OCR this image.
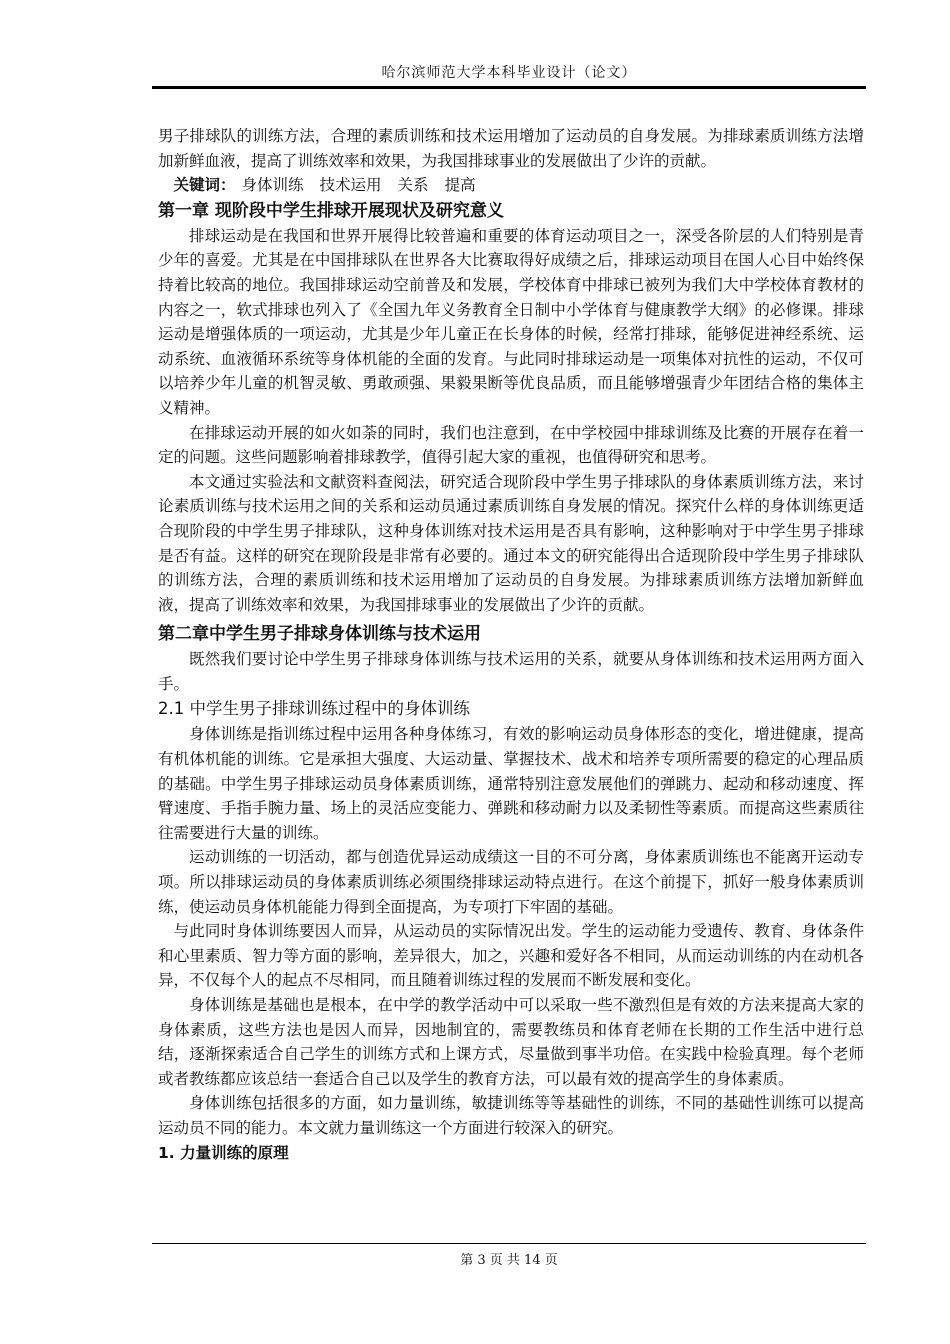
哈尔滨师范大学本科毕业设计（论文）

男子排球队的训练方法，合理的素质训练和技术运用增加了运动员的自身发展。为排球素质训练方法增加新鲜血液，提高了训练效率和效果，为我国排球事业的发展做出了少许的贡献。

关键词： 身体训练 技术运用 关系 提高

第一章 现阶段中学生排球开展现状及研究意义

排球运动是在我国和世界开展得比较普遍和重要的体育运动项目之一，深受各阶层的人们特别是青少年的喜爱。尤其是在中国排球队在世界各大比赛取得好成绩之后，排球运动项目在国人心目中始终保持着比较高的地位。我国排球运动空前普及和发展，学校体育中排球已被列为我们大中学校体育教材的内容之一，软式排球也列入了《全国九年义务教育全日制中小学体育与健康教学大纲》的必修课。排球运动是增强体质的一项运动，尤其是少年儿童正在长身体的时候，经常打排球，能够促进神经系统、运动系统、血液循环系统等身体机能的全面的发育。与此同时排球运动是一项集体对抗性的运动，不仅可以培养少年儿童的机智灵敏、勇敢顽强、果毅果断等优良品质，而且能够增强青少年团结合格的集体主义精神。

在排球运动开展的如火如荼的同时，我们也注意到，在中学校园中排球训练及比赛的开展存在着一定的问题。这些问题影响着排球教学，值得引起大家的重视，也值得研究和思考。

本文通过实验法和文献资料查阅法，研究适合现阶段中学生男子排球队的身体素质训练方法，来讨论素质训练与技术运用之间的关系和运动员通过素质训练自身发展的情况。探究什么样的身体训练更适合现阶段的中学生男子排球队，这种身体训练对技术运用是否具有影响，这种影响对于中学生男子排球是否有益。这样的研究在现阶段是非常有必要的。通过本文的研究能得出合适现阶段中学生男子排球队的训练方法，合理的素质训练和技术运用增加了运动员的自身发展。为排球素质训练方法增加新鲜血液，提高了训练效率和效果，为我国排球事业的发展做出了少许的贡献。

第二章中学生男子排球身体训练与技术运用

既然我们要讨论中学生男子排球身体训练与技术运用的关系，就要从身体训练和技术运用两方面入手。

2.1 中学生男子排球训练过程中的身体训练

身体训练是指训练过程中运用各种身体练习，有效的影响运动员身体形态的变化，增进健康，提高有机体机能的训练。它是承担大强度、大运动量、掌握技术、战术和培养专项所需要的稳定的心理品质的基础。中学生男子排球运动员身体素质训练，通常特别注意发展他们的弹跳力、起动和移动速度、挥臂速度、手指手腕力量、场上的灵活应变能力、弹跳和移动耐力以及柔韧性等素质。而提高这些素质往往需要进行大量的训练。

运动训练的一切活动，都与创造优异运动成绩这一目的不可分离，身体素质训练也不能离开运动专项。所以排球运动员的身体素质训练必须围绕排球运动特点进行。在这个前提下，抓好一般身体素质训练，使运动员身体机能能力得到全面提高，为专项打下牢固的基础。

与此同时身体训练要因人而异，从运动员的实际情况出发。学生的运动能力受遗传、教育、身体条件和心里素质、智力等方面的影响，差异很大，加之，兴趣和爱好各不相同，从而运动训练的内在动机各异，不仅每个人的起点不尽相同，而且随着训练过程的发展而不断发展和变化。

身体训练是基础也是根本，在中学的教学活动中可以采取一些不激烈但是有效的方法来提高大家的身体素质，这些方法也是因人而异，因地制宜的，需要教练员和体育老师在长期的工作生活中进行总结，逐渐探索适合自己学生的训练方式和上课方式，尽量做到事半功倍。在实践中检验真理。每个老师或者教练都应该总结一套适合自己以及学生的教育方法，可以最有效的提高学生的身体素质。

身体训练包括很多的方面，如力量训练，敏捷训练等等基础性的训练，不同的基础性训练可以提高运动员不同的能力。本文就力量训练这一个方面进行较深入的研究。

1. 力量训练的原理

第 3 页 共 14 页
